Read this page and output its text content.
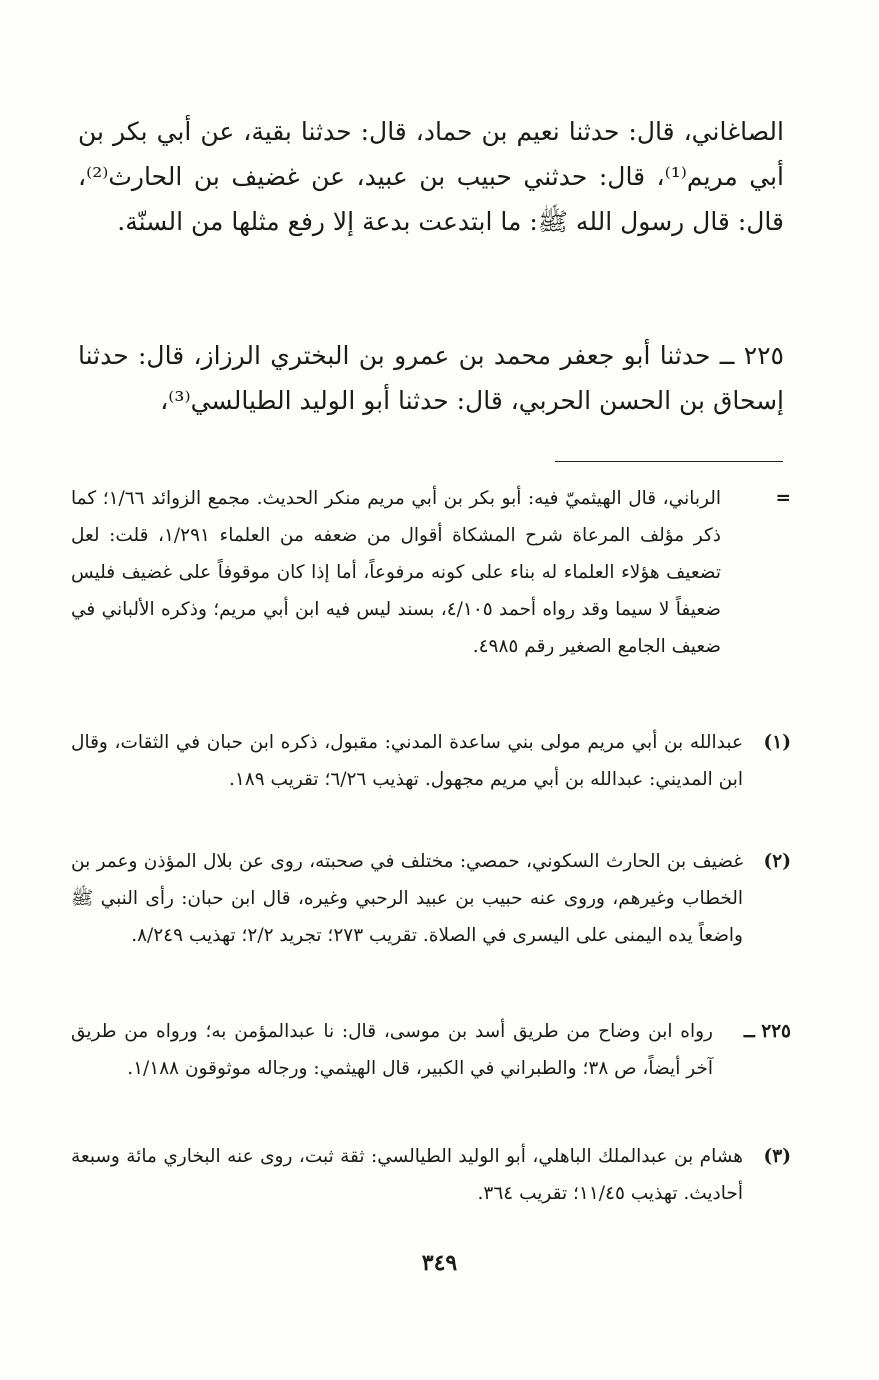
الصاغاني، قال: حدثنا نعيم بن حماد، قال: حدثنا بقية، عن أبي بكر بن أبي مريم⁽¹⁾، قال: حدثني حبيب بن عبيد، عن غضيف بن الحارث⁽²⁾، قال: قال رسول الله ﷺ: ما ابتدعت بدعة إلا رفع مثلها من السنّة.

٢٢٥ ــ حدثنا أبو جعفر محمد بن عمرو بن البختري الرزاز، قال: حدثنا إسحاق بن الحسن الحربي، قال: حدثنا أبو الوليد الطيالسي⁽³⁾،

=
الرباني، قال الهيثميّ فيه: أبو بكر بن أبي مريم منكر الحديث. مجمع الزوائد ١/٦٦؛ كما ذكر مؤلف المرعاة شرح المشكاة أقوال من ضعفه من العلماء ١/٢٩١، قلت: لعل تضعيف هؤلاء العلماء له بناء على كونه مرفوعاً، أما إذا كان موقوفاً على غضيف فليس ضعيفاً لا سيما وقد رواه أحمد ٤/١٠٥، بسند ليس فيه ابن أبي مريم؛ وذكره الألباني في ضعيف الجامع الصغير رقم ٤٩٨٥.
(١)
عبدالله بن أبي مريم مولى بني ساعدة المدني: مقبول، ذكره ابن حبان في الثقات، وقال ابن المديني: عبدالله بن أبي مريم مجهول. تهذيب ٦/٢٦؛ تقريب ١٨٩.
(٢)
غضيف بن الحارث السكوني، حمصي: مختلف في صحبته، روى عن بلال المؤذن وعمر بن الخطاب وغيرهم، وروى عنه حبيب بن عبيد الرحبي وغيره، قال ابن حبان: رأى النبي ﷺ واضعاً يده اليمنى على اليسرى في الصلاة. تقريب ٢٧٣؛ تجريد ٢/٢؛ تهذيب ٨/٢٤٩.
٢٢٥ ــ
رواه ابن وضاح من طريق أسد بن موسى، قال: نا عبدالمؤمن به؛ ورواه من طريق آخر أيضاً، ص ٣٨؛ والطبراني في الكبير، قال الهيثمي: ورجاله موثوقون ١/١٨٨.
(٣)
هشام بن عبدالملك الباهلي، أبو الوليد الطيالسي: ثقة ثبت، روى عنه البخاري مائة وسبعة أحاديث. تهذيب ١١/٤٥؛ تقريب ٣٦٤.
٣٤٩
